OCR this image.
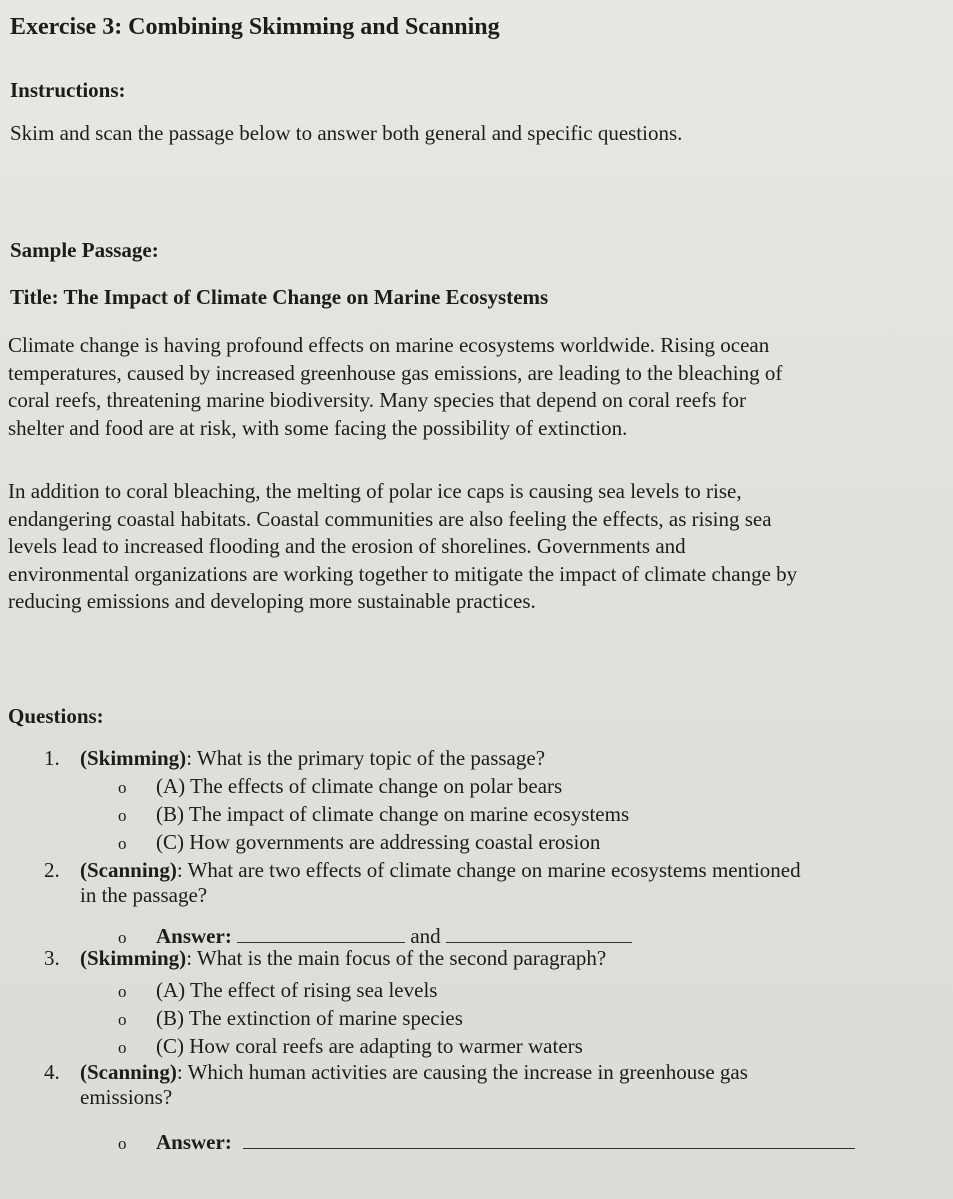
Exercise 3: Combining Skimming and Scanning
Instructions:
Skim and scan the passage below to answer both general and specific questions.
Sample Passage:
Title: The Impact of Climate Change on Marine Ecosystems
Climate change is having profound effects on marine ecosystems worldwide. Rising ocean
temperatures, caused by increased greenhouse gas emissions, are leading to the bleaching of
coral reefs, threatening marine biodiversity. Many species that depend on coral reefs for
shelter and food are at risk, with some facing the possibility of extinction.
In addition to coral bleaching, the melting of polar ice caps is causing sea levels to rise,
endangering coastal habitats. Coastal communities are also feeling the effects, as rising sea
levels lead to increased flooding and the erosion of shorelines. Governments and
environmental organizations are working together to mitigate the impact of climate change by
reducing emissions and developing more sustainable practices.
Questions:
1. (Skimming): What is the primary topic of the passage?
o (A) The effects of climate change on polar bears
o (B) The impact of climate change on marine ecosystems
o (C) How governments are addressing coastal erosion
2. (Scanning): What are two effects of climate change on marine ecosystems mentioned
in the passage?
o Answer:	and
3. (Skimming): What is the main focus of the second paragraph?
o (A) The effect of rising sea levels
o (B) The extinction of marine species
o (C) How coral reefs are adapting to warmer waters
4. (Scanning): Which human activities are causing the increase in greenhouse gas
emissions?
o Answer:
